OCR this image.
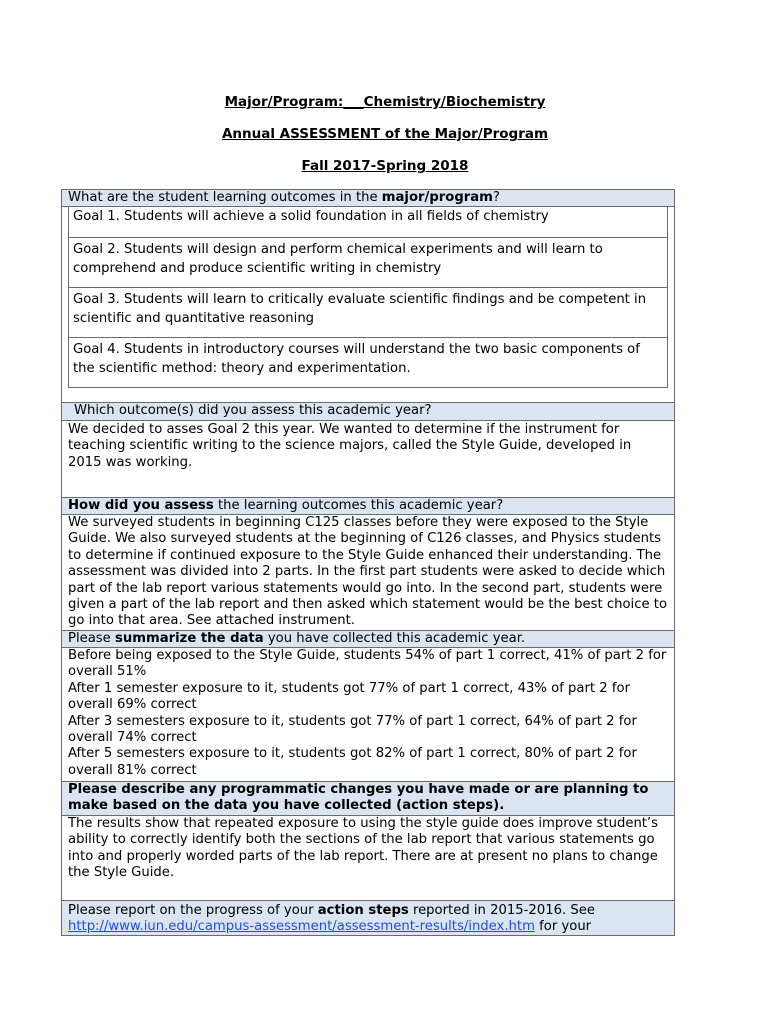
Major/Program:___Chemistry/Biochemistry
Annual ASSESSMENT of the Major/Program
Fall 2017-Spring 2018
What are the student learning outcomes in the major/program?
Goal 1. Students will achieve a solid foundation in all fields of chemistry
Goal 2. Students will design and perform chemical experiments and will learn to comprehend and produce scientific writing in chemistry
Goal 3. Students will learn to critically evaluate scientific findings and be competent in scientific and quantitative reasoning
Goal 4. Students in introductory courses will understand the two basic components of the scientific method: theory and experimentation.
Which outcome(s) did you assess this academic year?
We decided to asses Goal 2 this year. We wanted to determine if the instrument for teaching scientific writing to the science majors, called the Style Guide, developed in 2015 was working.
How did you assess the learning outcomes this academic year?
We surveyed students in beginning C125 classes before they were exposed to the Style Guide. We also surveyed students at the beginning of C126 classes, and Physics students to determine if continued exposure to the Style Guide enhanced their understanding. The assessment was divided into 2 parts. In the first part students were asked to decide which part of the lab report various statements would go into. In the second part, students were given a part of the lab report and then asked which statement would be the best choice to go into that area. See attached instrument.
Please summarize the data you have collected this academic year.
Before being exposed to the Style Guide, students 54% of part 1 correct, 41% of part 2 for overall 51%
After 1 semester exposure to it, students got 77% of part 1 correct, 43% of part 2 for overall 69% correct
After 3 semesters exposure to it, students got 77% of part 1 correct, 64% of part 2 for overall 74% correct
After 5 semesters exposure to it, students got 82% of part 1 correct, 80% of part 2 for overall 81% correct
Please describe any programmatic changes you have made or are planning to make based on the data you have collected (action steps).
The results show that repeated exposure to using the style guide does improve student’s ability to correctly identify both the sections of the lab report that various statements go into and properly worded parts of the lab report. There are at present no plans to change the Style Guide.
Please report on the progress of your action steps reported in 2015-2016. See
http://www.iun.edu/campus-assessment/assessment-results/index.htm for your
